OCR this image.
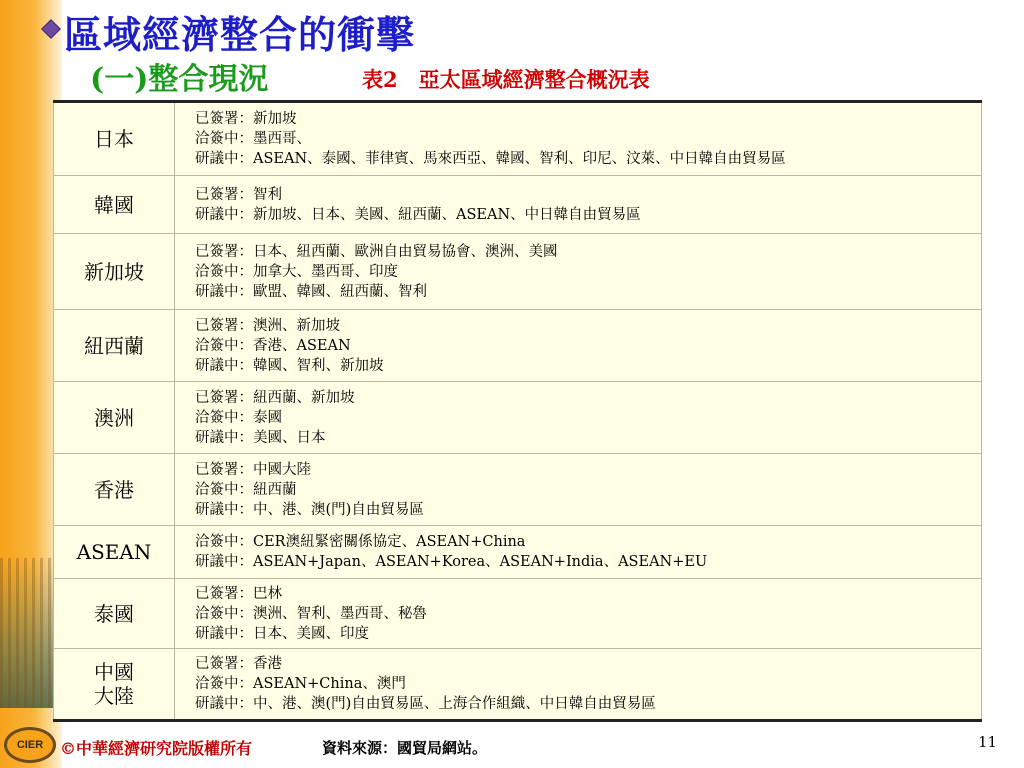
區域經濟整合的衝擊
(一)整合現況	表2　亞太區域經濟整合概況表
日本	已簽署：新加坡
洽簽中：墨西哥、
研議中：ASEAN、泰國、菲律賓、馬來西亞、韓國、智利、印尼、汶萊、中日韓自由貿易區

韓國	已簽署：智利
研議中：新加坡、日本、美國、紐西蘭、ASEAN、中日韓自由貿易區

新加坡	已簽署：日本、紐西蘭、歐洲自由貿易協會、澳洲、美國
洽簽中：加拿大、墨西哥、印度
研議中：歐盟、韓國、紐西蘭、智利

紐西蘭	已簽署：澳洲、新加坡
洽簽中：香港、ASEAN
研議中：韓國、智利、新加坡

澳洲	已簽署：紐西蘭、新加坡
洽簽中：泰國
研議中：美國、日本

香港	已簽署：中國大陸
洽簽中：紐西蘭
研議中：中、港、澳(門)自由貿易區

ASEAN	洽簽中：CER澳紐緊密關係協定、ASEAN+China
研議中：ASEAN+Japan、ASEAN+Korea、ASEAN+India、ASEAN+EU

泰國	已簽署：巴林
洽簽中：澳洲、智利、墨西哥、秘魯
研議中：日本、美國、印度

中國
大陸	已簽署：香港
洽簽中：ASEAN+China、澳門
研議中：中、港、澳(門)自由貿易區、上海合作組織、中日韓自由貿易區
CIER	©中華經濟研究院版權所有	資料來源：國貿局網站。	11
